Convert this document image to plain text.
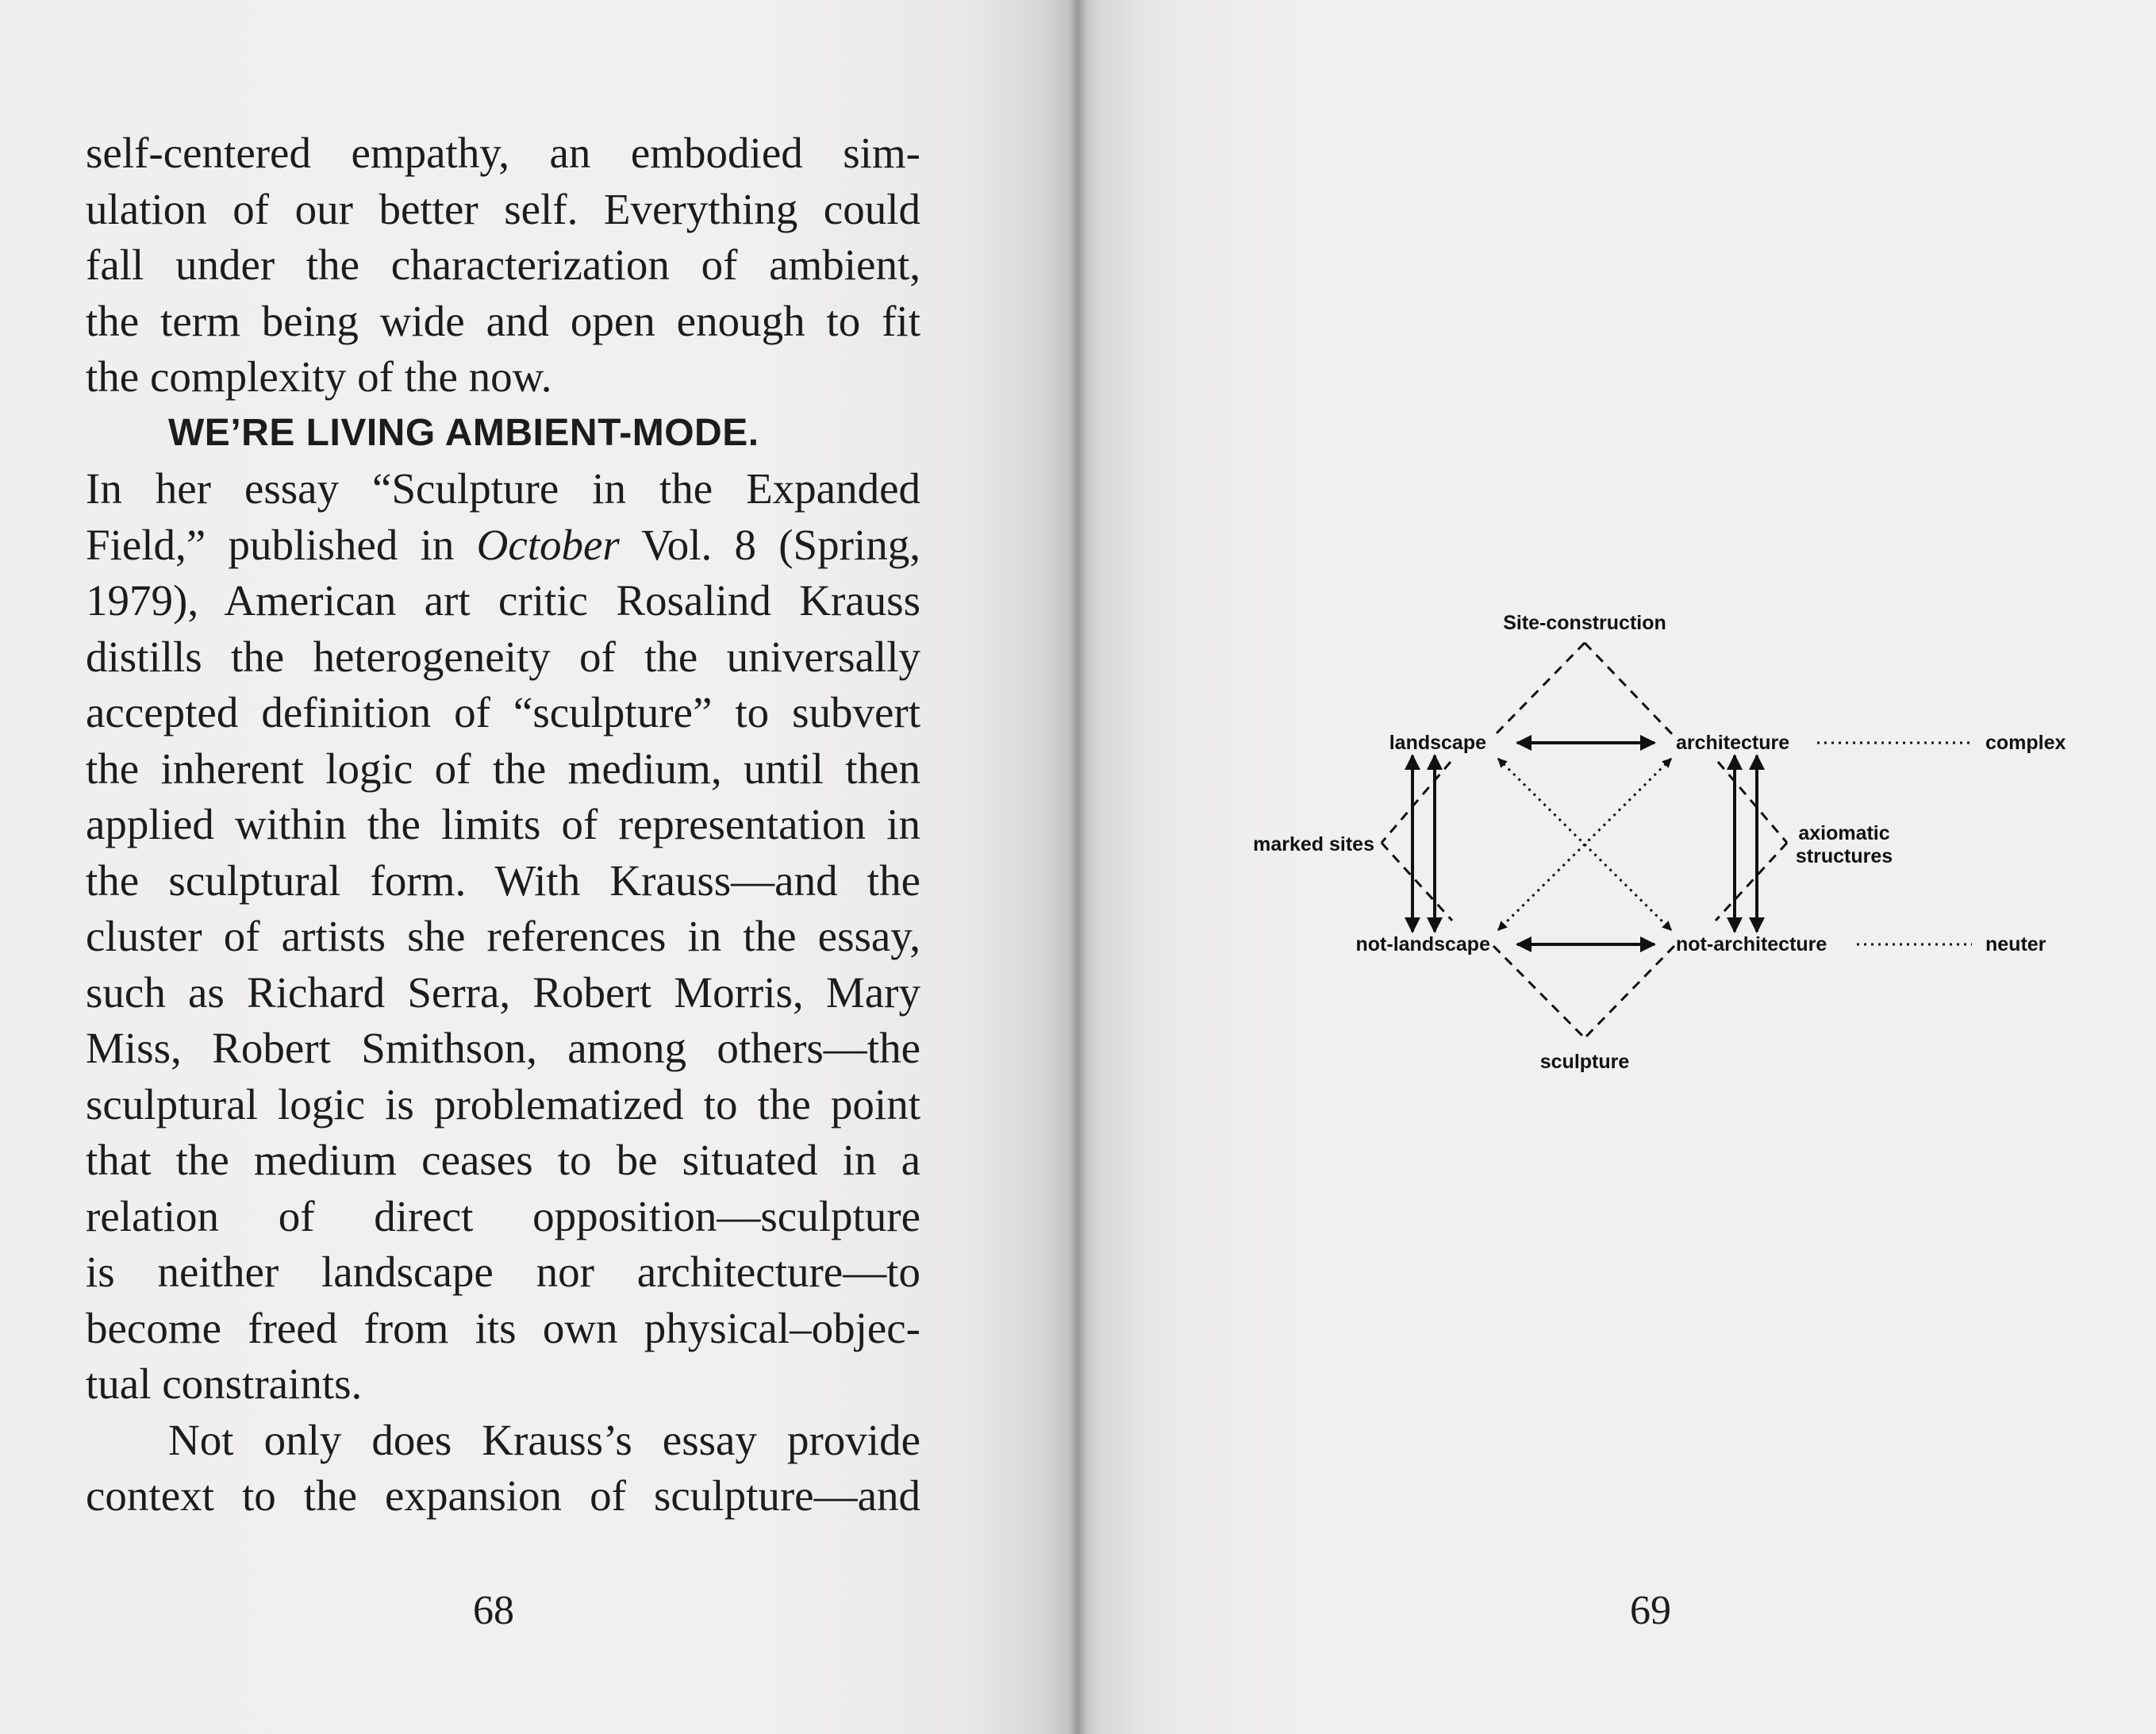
self-centered empathy, an embodied sim-
ulation of our better self. Everything could
fall under the characterization of ambient,
the term being wide and open enough to fit
the complexity of the now.
WE’RE LIVING AMBIENT-MODE.
In her essay “Sculpture in the Expanded
Field,” published in October Vol. 8 (Spring,
1979), American art critic Rosalind Krauss
distills the heterogeneity of the universally
accepted definition of “sculpture” to subvert
the inherent logic of the medium, until then
applied within the limits of representation in
the sculptural form. With Krauss—and the
cluster of artists she references in the essay,
such as Richard Serra, Robert Morris, Mary
Miss, Robert Smithson, among others—the
sculptural logic is problematized to the point
that the medium ceases to be situated in a
relation of direct opposition—sculpture
is neither landscape nor architecture—to
become freed from its own physical–objec-
tual constraints.
Not only does Krauss’s essay provide
context to the expansion of sculpture—and
68	69
Site-construction
landscape	architecture	complex
marked sites	axiomatic
structures
not-landscape	not-architecture	neuter
sculpture
